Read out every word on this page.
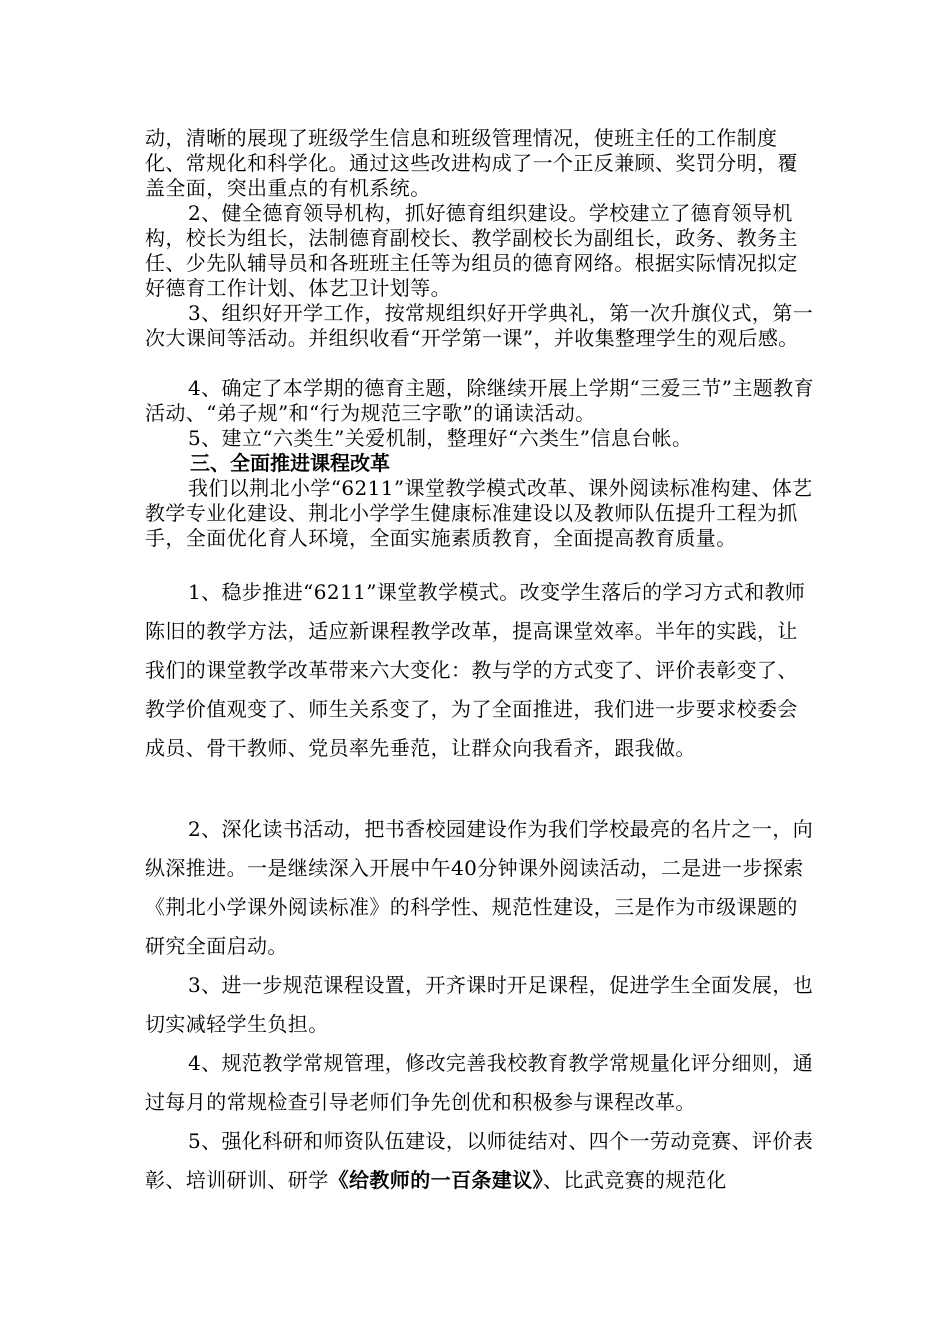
动，清晰的展现了班级学生信息和班级管理情况，使班主任的工作制度化、常规化和科学化。通过这些改进构成了一个正反兼顾、奖罚分明，覆盖全面，突出重点的有机系统。

2、健全德育领导机构，抓好德育组织建设。学校建立了德育领导机构，校长为组长，法制德育副校长、教学副校长为副组长，政务、教务主任、少先队辅导员和各班班主任等为组员的德育网络。根据实际情况拟定好德育工作计划、体艺卫计划等。

3、组织好开学工作，按常规组织好开学典礼，第一次升旗仪式，第一次大课间等活动。并组织收看“开学第一课”，并收集整理学生的观后感。

4、确定了本学期的德育主题，除继续开展上学期“三爱三节”主题教育活动、“弟子规”和“行为规范三字歌”的诵读活动。

5、建立“六类生”关爱机制，整理好“六类生”信息台帐。

三、全面推进课程改革

我们以荆北小学“6211”课堂教学模式改革、课外阅读标准构建、体艺教学专业化建设、荆北小学学生健康标准建设以及教师队伍提升工程为抓手，全面优化育人环境，全面实施素质教育，全面提高教育质量。

1、稳步推进“6211”课堂教学模式。改变学生落后的学习方式和教师陈旧的教学方法，适应新课程教学改革，提高课堂效率。半年的实践，让我们的课堂教学改革带来六大变化：教与学的方式变了、评价表彰变了、教学价值观变了、师生关系变了，为了全面推进，我们进一步要求校委会成员、骨干教师、党员率先垂范，让群众向我看齐，跟我做。

2、深化读书活动，把书香校园建设作为我们学校最亮的名片之一，向纵深推进。一是继续深入开展中午40分钟课外阅读活动，二是进一步探索《荆北小学课外阅读标准》的科学性、规范性建设，三是作为市级课题的研究全面启动。

3、进一步规范课程设置，开齐课时开足课程，促进学生全面发展，也切实减轻学生负担。

4、规范教学常规管理，修改完善我校教育教学常规量化评分细则，通过每月的常规检查引导老师们争先创优和积极参与课程改革。

5、强化科研和师资队伍建设，以师徒结对、四个一劳动竞赛、评价表彰、培训研训、研学《给教师的一百条建议》、比武竞赛的规范化
